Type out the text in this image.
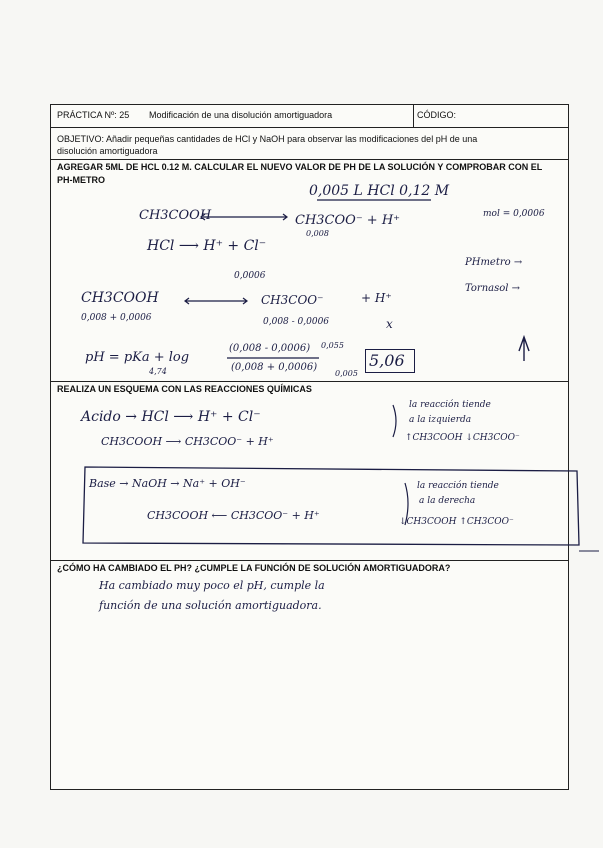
PRÁCTICA Nº: 25 Modificación de una disolución amortiguadora	CÓDIGO:
OBJETIVO: Añadir pequeñas cantidades de HCl y NaOH para observar las modificaciones del pH de una
disolución amortiguadora
AGREGAR 5ML DE HCL 0.12 M. CALCULAR EL NUEVO VALOR DE PH DE LA SOLUCIÓN Y COMPROBAR CON EL
PH-METRO
0,005 L HCl 0,12 M
mol = 0,0006
CH3COOH	CH3COO⁻ + H⁺
0,008
HCl ⟶ H⁺ + Cl⁻
0,0006
PHmetro →
Tornasol →
CH3COOH	CH3COO⁻	+ H⁺
0,008 + 0,0006	0,008 - 0,0006	x
pH = pKa + log
4,74
(0,008 - 0,0006)
(0,008 + 0,0006)
0,055
0,005
5,06
REALIZA UN ESQUEMA CON LAS REACCIONES QUÍMICAS
Acido → HCl ⟶ H⁺ + Cl⁻
CH3COOH ⟶ CH3COO⁻ + H⁺
la reacción tiende
a la izquierda
↑CH3COOH ↓CH3COO⁻
Base → NaOH → Na⁺ + OH⁻
CH3COOH ⟵ CH3COO⁻ + H⁺
la reacción tiende
a la derecha
↓CH3COOH ↑CH3COO⁻
¿CÓMO HA CAMBIADO EL PH? ¿CUMPLE LA FUNCIÓN DE SOLUCIÓN AMORTIGUADORA?
Ha cambiado muy poco el pH, cumple la
función de una solución amortiguadora.
